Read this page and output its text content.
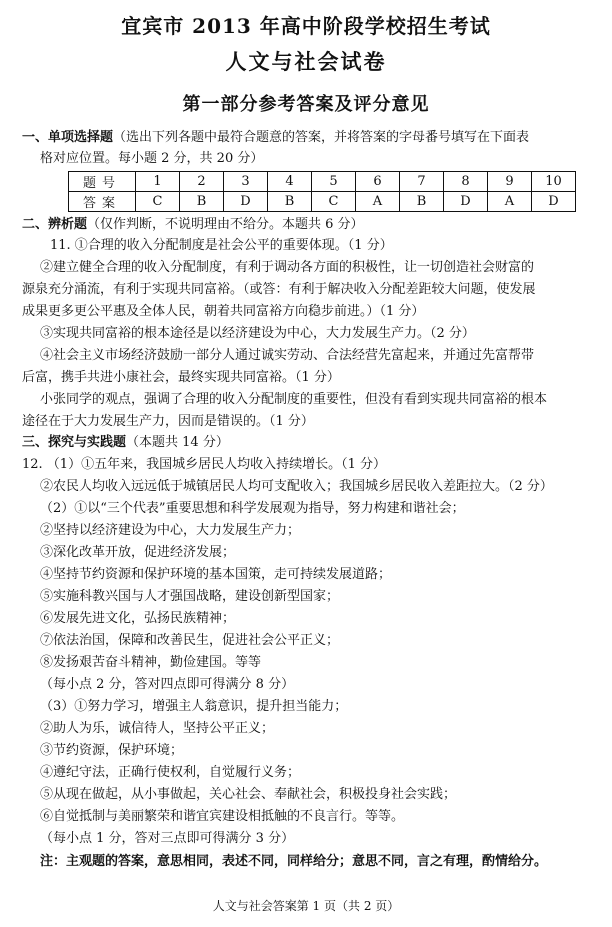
宜宾市 2013 年高中阶段学校招生考试
人文与社会试卷
第一部分参考答案及评分意见
一、单项选择题（选出下列各题中最符合题意的答案，并将答案的字母番号填写在下面表
格对应位置。每小题 2 分，共 20 分）
题号	1	2	3	4	5	6	7	8	9	10
答案	C	B	D	B	C	A	B	D	A	D
二、辨析题（仅作判断，不说明理由不给分。本题共 6 分）
11. ①合理的收入分配制度是社会公平的重要体现。（1 分）
②建立健全合理的收入分配制度，有利于调动各方面的积极性，让一切创造社会财富的
源泉充分涌流，有利于实现共同富裕。（或答：有利于解决收入分配差距较大问题，使发展
成果更多更公平惠及全体人民，朝着共同富裕方向稳步前进。）（1 分）
③实现共同富裕的根本途径是以经济建设为中心，大力发展生产力。（2 分）
④社会主义市场经济鼓励一部分人通过诚实劳动、合法经营先富起来，并通过先富帮带
后富，携手共进小康社会，最终实现共同富裕。（1 分）
小张同学的观点，强调了合理的收入分配制度的重要性，但没有看到实现共同富裕的根本
途径在于大力发展生产力，因而是错误的。（1 分）
三、探究与实践题（本题共 14 分）
12. （1）①五年来，我国城乡居民人均收入持续增长。（1 分）
②农民人均收入远远低于城镇居民人均可支配收入；我国城乡居民收入差距拉大。（2 分）
（2）①以“三个代表”重要思想和科学发展观为指导，努力构建和谐社会；
②坚持以经济建设为中心，大力发展生产力；
③深化改革开放，促进经济发展；
④坚持节约资源和保护环境的基本国策，走可持续发展道路；
⑤实施科教兴国与人才强国战略，建设创新型国家；
⑥发展先进文化，弘扬民族精神；
⑦依法治国，保障和改善民生，促进社会公平正义；
⑧发扬艰苦奋斗精神，勤俭建国。等等
（每小点 2 分，答对四点即可得满分 8 分）
（3）①努力学习，增强主人翁意识，提升担当能力；
②助人为乐，诚信待人，坚持公平正义；
③节约资源，保护环境；
④遵纪守法，正确行使权利，自觉履行义务；
⑤从现在做起，从小事做起，关心社会、奉献社会，积极投身社会实践；
⑥自觉抵制与美丽繁荣和谐宜宾建设相抵触的不良言行。等等。
（每小点 1 分，答对三点即可得满分 3 分）
注：主观题的答案，意思相同，表述不同，同样给分；意思不同，言之有理，酌情给分。
人文与社会答案第 1 页（共 2 页）
